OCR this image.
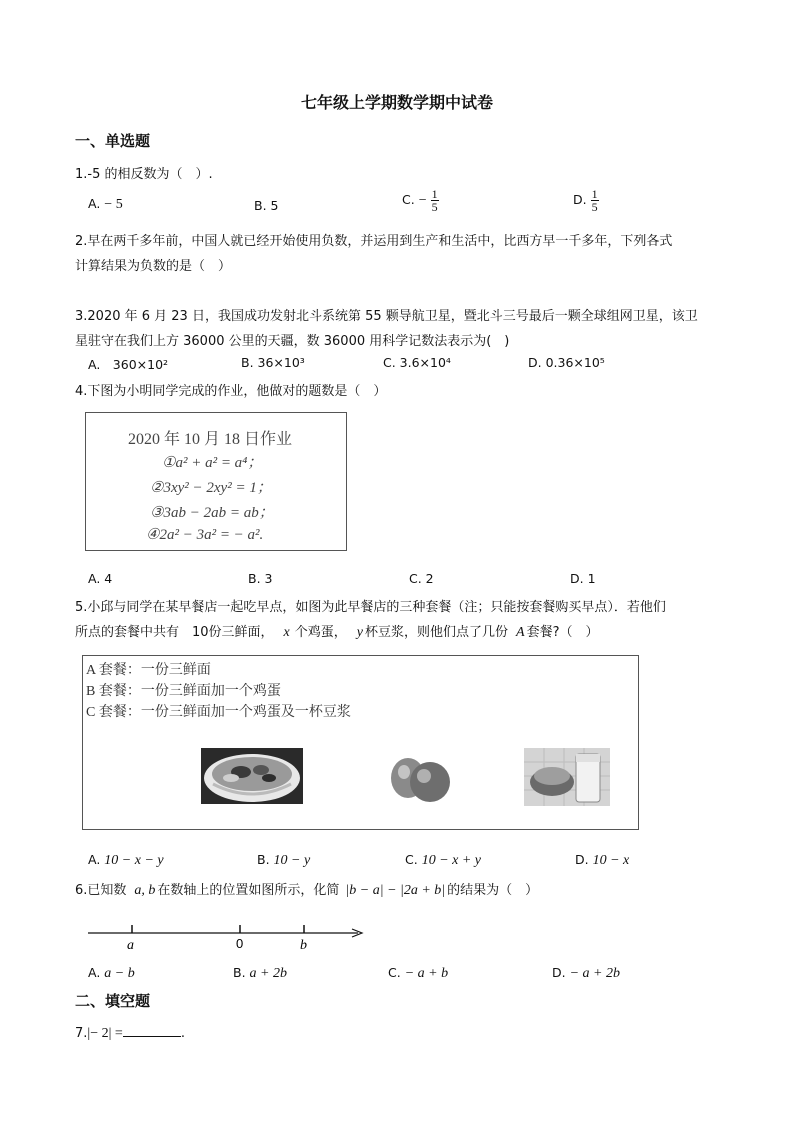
七年级上学期数学期中试卷
一、单选题
1.-5 的相反数为（　）.
A. − 5	B. 5	C. − $\frac{1}{5}$	D. $\frac{1}{5}$
2.早在两千多年前，中国人就已经开始使用负数，并运用到生产和生活中，比西方早一千多年，下列各式
计算结果为负数的是（　）
3.2020 年 6 月 23 日，我国成功发射北斗系统第 55 颗导航卫星，暨北斗三号最后一颗全球组网卫星，该卫
星驻守在我们上方 36000 公里的天疆，数 36000 用科学记数法表示为(　)
A.　360×10²	B. 36×10³	C. 3.6×10⁴	D. 0.36×10⁵
4.下图为小明同学完成的作业，他做对的题数是（　）
2020 年 10 月 18 日作业
①a² + a² = a⁴；
②3xy² − 2xy² = 1；
③3ab − 2ab = ab；
④2a² − 3a² = − a².
A. 4	B. 3	C. 2	D. 1
5.小邱与同学在某早餐店一起吃早点，如图为此早餐店的三种套餐（注；只能按套餐购买早点）．若他们
所点的套餐中共有　10份三鲜面， x 个鸡蛋， y 杯豆浆，则他们点了几份 A 套餐?（　）
A 套餐：一份三鲜面
B 套餐：一份三鲜面加一个鸡蛋
C 套餐：一份三鲜面加一个鸡蛋及一杯豆浆
A. 10 − x − y	B. 10 − y	C. 10 − x + y	D. 10 − x
6.已知数 a, b 在数轴上的位置如图所示，化简 |b − a| − |2a + b| 的结果为（　）
a	0	b
A. a − b	B. a + 2b	C. − a + b	D. − a + 2b
二、填空题
7.|− 2| =	.
